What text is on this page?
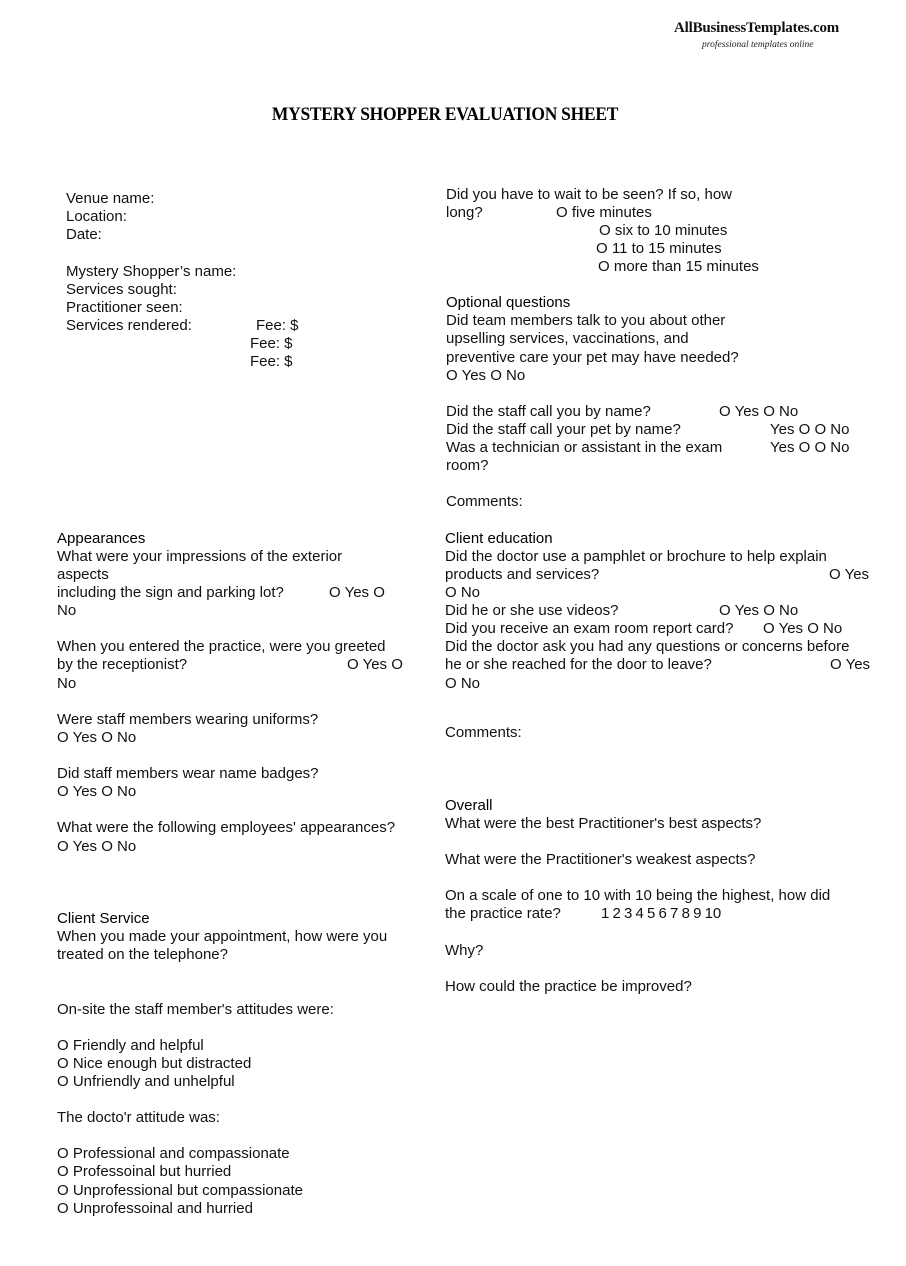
AllBusinessTemplates.com
professional templates online
MYSTERY SHOPPER EVALUATION SHEET
Venue name:
Location:
Date:
Mystery Shopper’s name:
Services sought:
Practitioner seen:
Services rendered:	Fee: $
Fee: $
Fee: $
Appearances
What were your impressions of the exterior
aspects
including the sign and parking lot?	O Yes O
No
When you entered the practice, were you greeted
by the receptionist?	O Yes O
No
Were staff members wearing uniforms?
O Yes O No
Did staff members wear name badges?
O Yes O No
What were the following employees' appearances?
O Yes O No
Client Service
When you made your appointment, how were you
treated on the telephone?
On-site the staff member's attitudes were:
O Friendly and helpful
O Nice enough but distracted
O Unfriendly and unhelpful
The docto'r attitude was:
O Professional and compassionate
O Professoinal but hurried
O Unprofessional but compassionate
O Unprofessoinal and hurried
Did you have to wait to be seen? If so, how
long?	O five minutes
O six to 10 minutes
O 11 to 15 minutes
O more than 15 minutes
Optional questions
Did team members talk to you about other
upselling services, vaccinations, and
preventive care your pet may have needed?
O Yes O No
Did the staff call you by name?	O Yes O No
Did the staff call your pet by name?	Yes O O No
Was a technician or assistant in the exam	Yes O O No
room?
Comments:
Client education
Did the doctor use a pamphlet or brochure to help explain
products and services?	O Yes
O No
Did he or she use videos?	O Yes O No
Did you receive an exam room report card? O Yes O No
Did the doctor ask you had any questions or concerns before
he or she reached for the door to leave?	O Yes
O No
Comments:
Overall
What were the best Practitioner's best aspects?
What were the Practitioner's weakest aspects?
On a scale of one to 10 with 10 being the highest, how did
the practice rate?	1 2 3 4 5 6 7 8 9 10
Why?
How could the practice be improved?
